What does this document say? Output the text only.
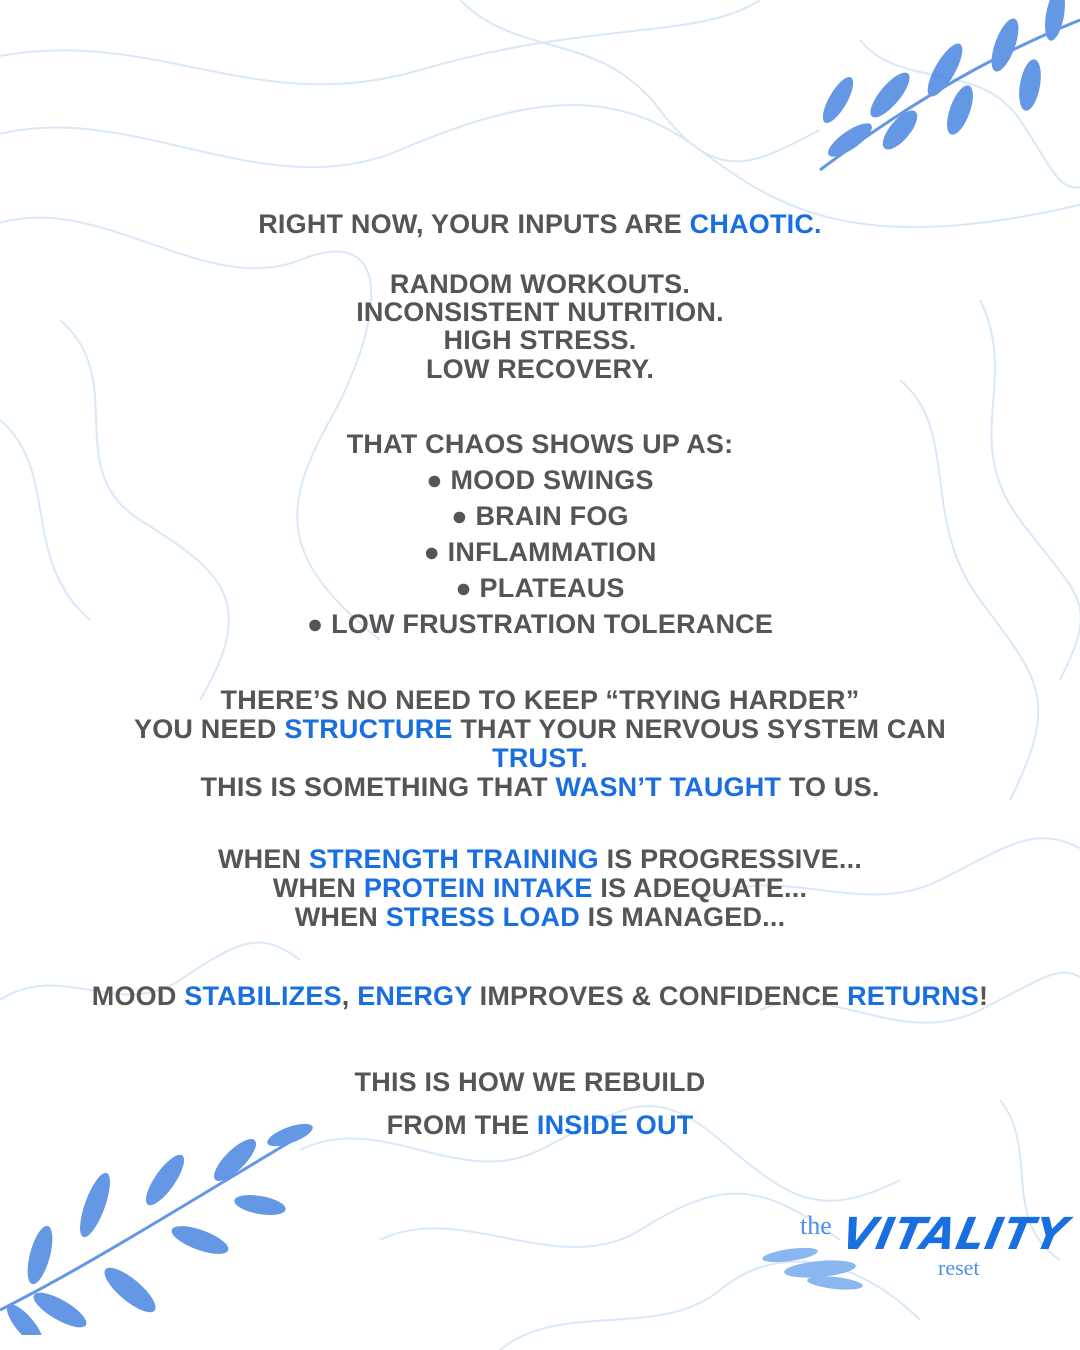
RIGHT NOW, YOUR INPUTS ARE CHAOTIC.
RANDOM WORKOUTS.
INCONSISTENT NUTRITION.
HIGH STRESS.
LOW RECOVERY.
THAT CHAOS SHOWS UP AS:
● MOOD SWINGS
● BRAIN FOG
● INFLAMMATION
● PLATEAUS
● LOW FRUSTRATION TOLERANCE
THERE’S NO NEED TO KEEP “TRYING HARDER”
YOU NEED STRUCTURE THAT YOUR NERVOUS SYSTEM CAN
TRUST.
THIS IS SOMETHING THAT WASN’T TAUGHT TO US.
WHEN STRENGTH TRAINING IS PROGRESSIVE...
WHEN PROTEIN INTAKE IS ADEQUATE...
WHEN STRESS LOAD IS MANAGED...
MOOD STABILIZES, ENERGY IMPROVES & CONFIDENCE RETURNS!
THIS IS HOW WE REBUILD
FROM THE INSIDE OUT
the VITALITY
reset
